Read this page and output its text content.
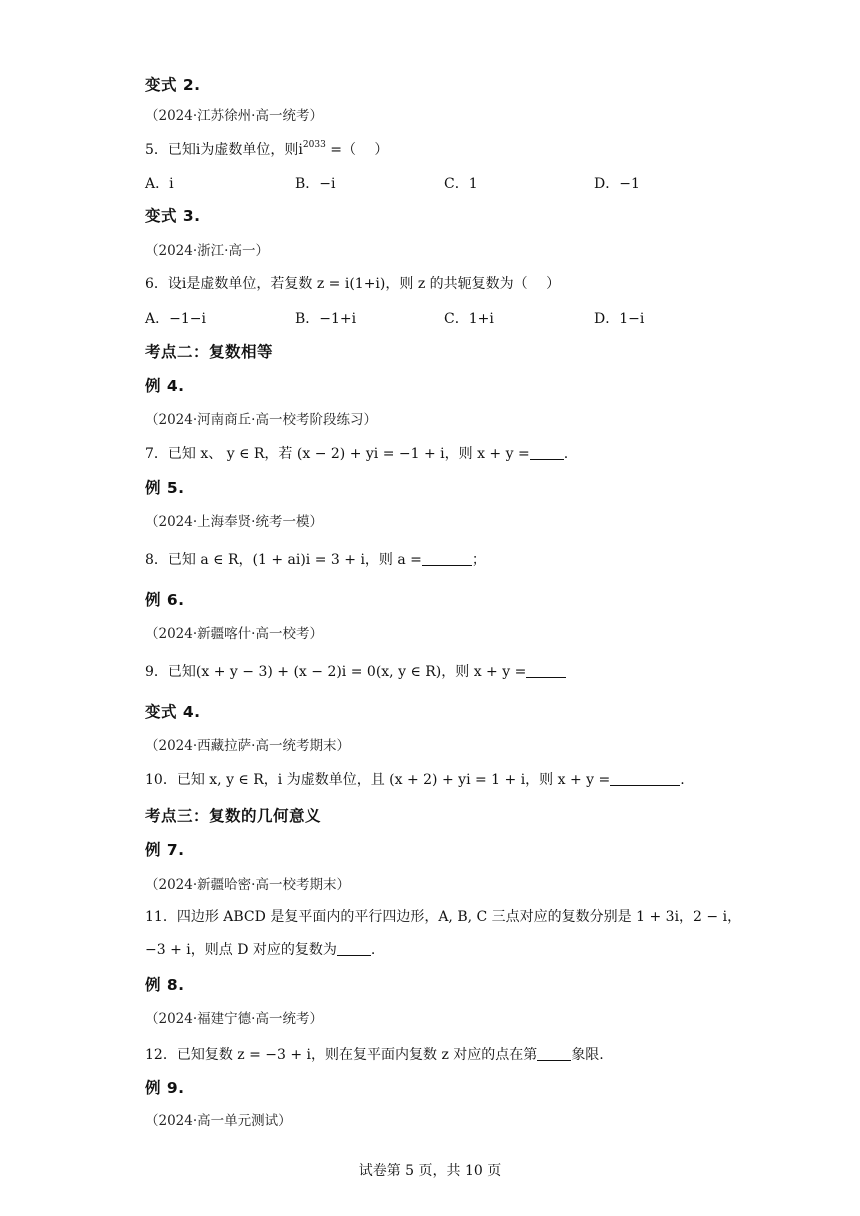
变式 2.
（2024·江苏徐州·高一统考）
5．已知i为虚数单位，则$i^{2033}$ =（　 ）
A．i	B．−i	C．1	D．−1
变式 3.
（2024·浙江·高一）
6．设i是虚数单位，若复数 z = i(1+i)，则 z 的共轭复数为（　 ）
A．−1−i	B．−1+i	C．1+i	D．1−i
考点二：复数相等
例 4.
（2024·河南商丘·高一校考阶段练习）
7．已知 x、 y ∈ R，若 (x − 2) + yi = −1 + i，则 x + y = .
例 5.
（2024·上海奉贤·统考一模）
8．已知 a ∈ R，(1 + ai)i = 3 + i，则 a =	；
例 6.
（2024·新疆喀什·高一校考）
9．已知(x + y − 3) + (x − 2)i = 0(x, y ∈ R)，则 x + y =
变式 4.
（2024·西藏拉萨·高一统考期末）
10．已知 x, y ∈ R，i 为虚数单位，且 (x + 2) + yi = 1 + i，则 x + y =	.
考点三：复数的几何意义
例 7.
（2024·新疆哈密·高一校考期末）
11．四边形 ABCD 是复平面内的平行四边形，A, B, C 三点对应的复数分别是 1 + 3i，2 − i，
−3 + i，则点 D 对应的复数为 .
例 8.
（2024·福建宁德·高一统考）
12．已知复数 z = −3 + i，则在复平面内复数 z 对应的点在第 象限.
例 9.
（2024·高一单元测试）
试卷第 5 页，共 10 页
